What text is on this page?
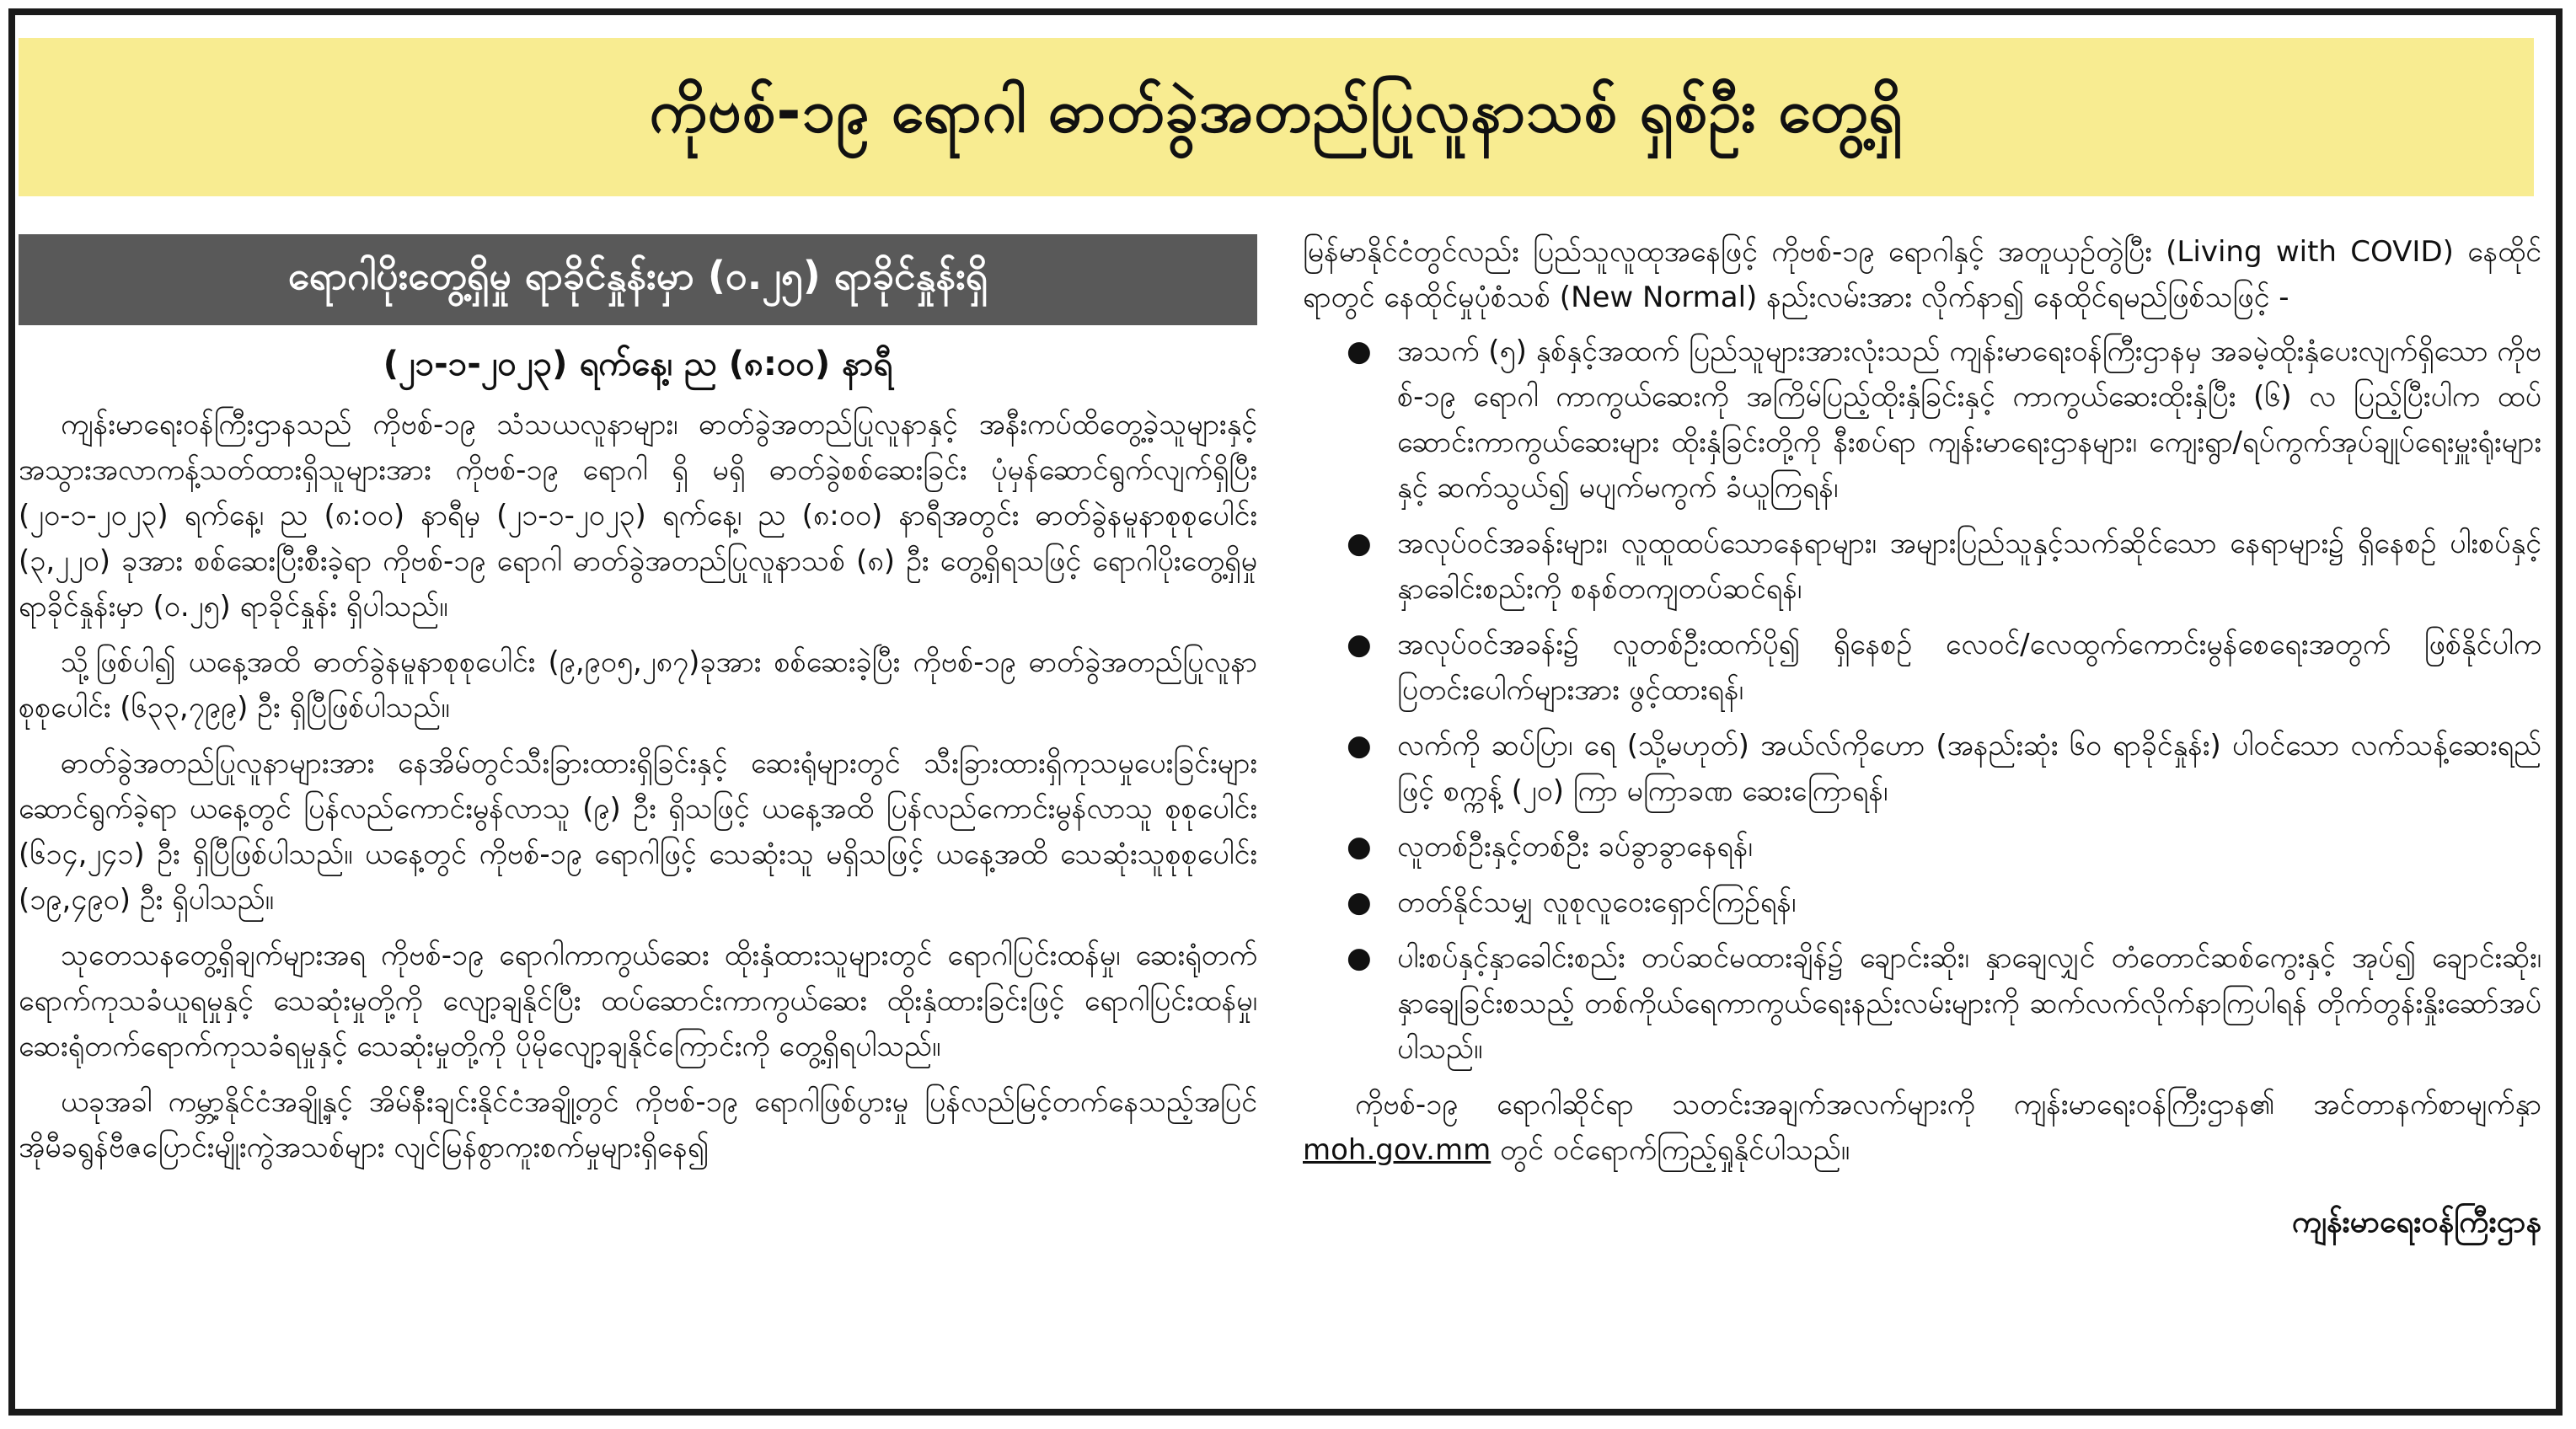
ကိုဗစ်-၁၉ ရောဂါ ဓာတ်ခွဲအတည်ပြုလူနာသစ် ရှစ်ဦး တွေ့ရှိ
ရောဂါပိုးတွေ့ရှိမှု ရာခိုင်နှုန်းမှာ (၀.၂၅) ရာခိုင်နှုန်းရှိ
(၂၁-၁-၂၀၂၃) ရက်နေ့၊ ည (၈:၀၀) နာရီ

ကျန်းမာရေးဝန်ကြီးဌာနသည် ကိုဗစ်-၁၉ သံသယလူနာများ၊ ဓာတ်ခွဲအတည်ပြုလူနာနှင့် အနီးကပ်ထိတွေ့ခဲ့သူများနှင့် အသွားအလာကန့်သတ်ထားရှိသူများအား ကိုဗစ်-၁၉ ရောဂါ ရှိ မရှိ ဓာတ်ခွဲစစ်ဆေးခြင်း ပုံမှန်ဆောင်ရွက်လျက်ရှိပြီး (၂၀-၁-၂၀၂၃) ရက်နေ့၊ ည (၈:၀၀) နာရီမှ (၂၁-၁-၂၀၂၃) ရက်နေ့၊ ည (၈:၀၀) နာရီအတွင်း ဓာတ်ခွဲနမူနာစုစုပေါင်း (၃,၂၂၀) ခုအား စစ်ဆေးပြီးစီးခဲ့ရာ ကိုဗစ်-၁၉ ရောဂါ ဓာတ်ခွဲအတည်ပြုလူနာသစ် (၈) ဦး တွေ့ရှိရသဖြင့် ရောဂါပိုးတွေ့ရှိမှု ရာခိုင်နှုန်းမှာ (၀.၂၅) ရာခိုင်နှုန်း ရှိပါသည်။

သို့ဖြစ်ပါ၍ ယနေ့အထိ ဓာတ်ခွဲနမူနာစုစုပေါင်း (၉,၉၀၅,၂၈၇)ခုအား စစ်ဆေးခဲ့ပြီး ကိုဗစ်-၁၉ ဓာတ်ခွဲအတည်ပြုလူနာ စုစုပေါင်း (၆၃၃,၇၉၉) ဦး ရှိပြီဖြစ်ပါသည်။

ဓာတ်ခွဲအတည်ပြုလူနာများအား နေအိမ်တွင်သီးခြားထားရှိခြင်းနှင့် ဆေးရုံများတွင် သီးခြားထားရှိကုသမှုပေးခြင်းများ ဆောင်ရွက်ခဲ့ရာ ယနေ့တွင် ပြန်လည်ကောင်းမွန်လာသူ (၉) ဦး ရှိသဖြင့် ယနေ့အထိ ပြန်လည်ကောင်းမွန်လာသူ စုစုပေါင်း (၆၁၄,၂၄၁) ဦး ရှိပြီဖြစ်ပါသည်။ ယနေ့တွင် ကိုဗစ်-၁၉ ရောဂါဖြင့် သေဆုံးသူ မရှိသဖြင့် ယနေ့အထိ သေဆုံးသူစုစုပေါင်း (၁၉,၄၉၀) ဦး ရှိပါသည်။

သုတေသနတွေ့ရှိချက်များအရ ကိုဗစ်-၁၉ ရောဂါကာကွယ်ဆေး ထိုးနှံထားသူများတွင် ရောဂါပြင်းထန်မှု၊ ဆေးရုံတက်ရောက်ကုသခံယူရမှုနှင့် သေဆုံးမှုတို့ကို လျော့ချနိုင်ပြီး ထပ်ဆောင်းကာကွယ်ဆေး ထိုးနှံထားခြင်းဖြင့် ရောဂါပြင်းထန်မှု၊ ဆေးရုံတက်ရောက်ကုသခံရမှုနှင့် သေဆုံးမှုတို့ကို ပိုမိုလျော့ချနိုင်ကြောင်းကို တွေ့ရှိရပါသည်။

ယခုအခါ ကမ္ဘာ့နိုင်ငံအချို့နှင့် အိမ်နီးချင်းနိုင်ငံအချို့တွင် ကိုဗစ်-၁၉ ရောဂါဖြစ်ပွားမှု ပြန်လည်မြင့်တက်နေသည့်အပြင် အိုမီခရွန်ဗီဇပြောင်းမျိုးကွဲအသစ်များ လျင်မြန်စွာကူးစက်မှုများရှိနေ၍

မြန်မာနိုင်ငံတွင်လည်း ပြည်သူလူထုအနေဖြင့် ကိုဗစ်-၁၉ ရောဂါနှင့် အတူယှဉ်တွဲပြီး (Living with COVID) နေထိုင်ရာတွင် နေထိုင်မှုပုံစံသစ် (New Normal) နည်းလမ်းအား လိုက်နာ၍ နေထိုင်ရမည်ဖြစ်သဖြင့် -

● အသက် (၅) နှစ်နှင့်အထက် ပြည်သူများအားလုံးသည် ကျန်းမာရေးဝန်ကြီးဌာနမှ အခမဲ့ထိုးနှံပေးလျက်ရှိသော ကိုဗစ်-၁၉ ရောဂါ ကာကွယ်ဆေးကို အကြိမ်ပြည့်ထိုးနှံခြင်းနှင့် ကာကွယ်ဆေးထိုးနှံပြီး (၆) လ ပြည့်ပြီးပါက ထပ်ဆောင်းကာကွယ်ဆေးများ ထိုးနှံခြင်းတို့ကို နီးစပ်ရာ ကျန်းမာရေးဌာနများ၊ ကျေးရွာ/ရပ်ကွက်အုပ်ချုပ်ရေးမှူးရုံးများနှင့် ဆက်သွယ်၍ မပျက်မကွက် ခံယူကြရန်၊
● အလုပ်ဝင်အခန်းများ၊ လူထူထပ်သောနေရာများ၊ အများပြည်သူနှင့်သက်ဆိုင်သော နေရာများ၌ ရှိနေစဉ် ပါးစပ်နှင့်နှာခေါင်းစည်းကို စနစ်တကျတပ်ဆင်ရန်၊
● အလုပ်ဝင်အခန်း၌ လူတစ်ဦးထက်ပို၍ ရှိနေစဉ် လေဝင်/လေထွက်ကောင်းမွန်စေရေးအတွက် ဖြစ်နိုင်ပါက ပြတင်းပေါက်များအား ဖွင့်ထားရန်၊
● လက်ကို ဆပ်ပြာ၊ ရေ (သို့မဟုတ်) အယ်လ်ကိုဟော (အနည်းဆုံး ၆၀ ရာခိုင်နှုန်း) ပါဝင်သော လက်သန့်ဆေးရည်ဖြင့် စက္ကန့် (၂၀) ကြာ မကြာခဏ ဆေးကြောရန်၊
● လူတစ်ဦးနှင့်တစ်ဦး ခပ်ခွာခွာနေရန်၊
● တတ်နိုင်သမျှ လူစုလူဝေးရှောင်ကြဉ်ရန်၊
● ပါးစပ်နှင့်နှာခေါင်းစည်း တပ်ဆင်မထားချိန်၌ ချောင်းဆိုး၊ နှာချေလျှင် တံတောင်ဆစ်ကွေးနှင့် အုပ်၍ ချောင်းဆိုး၊ နှာချေခြင်းစသည့် တစ်ကိုယ်ရေကာကွယ်ရေးနည်းလမ်းများကို ဆက်လက်လိုက်နာကြပါရန် တိုက်တွန်းနှိုးဆော်အပ်ပါသည်။

ကိုဗစ်-၁၉ ရောဂါဆိုင်ရာ သတင်းအချက်အလက်များကို ကျန်းမာရေးဝန်ကြီးဌာန၏ အင်တာနက်စာမျက်နှာ moh.gov.mm တွင် ဝင်ရောက်ကြည့်ရှုနိုင်ပါသည်။

ကျန်းမာရေးဝန်ကြီးဌာန
